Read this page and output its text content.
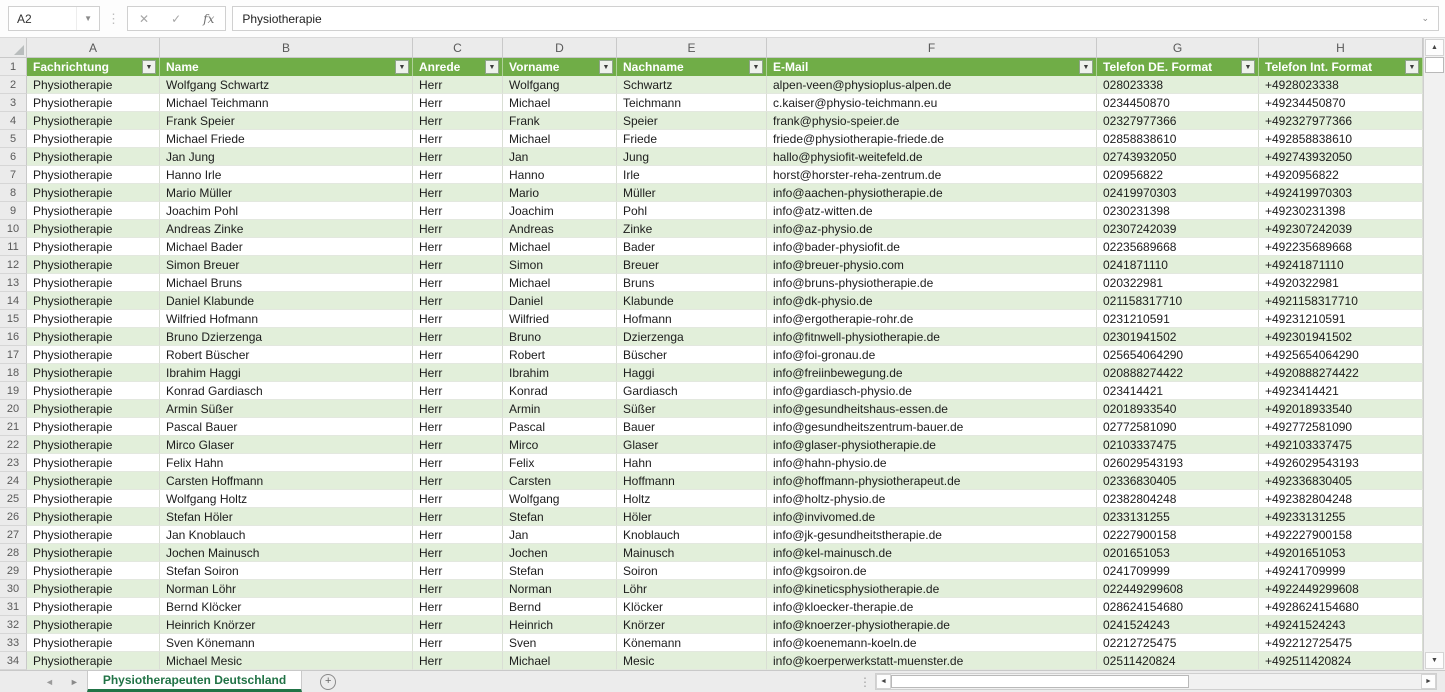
A2	▼	⋮	✕	✓	fx	Physiotherapie	⌄
A	B	C	D	E	F	G	H
1	Fachrichtung	▼ Name	▼ Anrede	▼ Vorname	▼ Nachname	▼ E-Mail	▼ Telefon DE. Format	▼ Telefon Int. Format	▼
2	Physiotherapie	Wolfgang Schwartz	Herr	Wolfgang	Schwartz	alpen-veen@physioplus-alpen.de	028023338	+4928023338
3	Physiotherapie	Michael Teichmann	Herr	Michael	Teichmann	c.kaiser@physio-teichmann.eu	0234450870	+49234450870
4	Physiotherapie	Frank Speier	Herr	Frank	Speier	frank@physio-speier.de	02327977366	+492327977366
5	Physiotherapie	Michael Friede	Herr	Michael	Friede	friede@physiotherapie-friede.de	02858838610	+492858838610
6	Physiotherapie	Jan Jung	Herr	Jan	Jung	hallo@physiofit-weitefeld.de	02743932050	+492743932050
7	Physiotherapie	Hanno Irle	Herr	Hanno	Irle	horst@horster-reha-zentrum.de	020956822	+4920956822
8	Physiotherapie	Mario Müller	Herr	Mario	Müller	info@aachen-physiotherapie.de	02419970303	+492419970303
9	Physiotherapie	Joachim Pohl	Herr	Joachim	Pohl	info@atz-witten.de	0230231398	+49230231398
10	Physiotherapie	Andreas Zinke	Herr	Andreas	Zinke	info@az-physio.de	02307242039	+492307242039
11	Physiotherapie	Michael Bader	Herr	Michael	Bader	info@bader-physiofit.de	02235689668	+492235689668
12	Physiotherapie	Simon Breuer	Herr	Simon	Breuer	info@breuer-physio.com	0241871110	+49241871110
13	Physiotherapie	Michael Bruns	Herr	Michael	Bruns	info@bruns-physiotherapie.de	020322981	+4920322981
14	Physiotherapie	Daniel Klabunde	Herr	Daniel	Klabunde	info@dk-physio.de	021158317710	+4921158317710
15	Physiotherapie	Wilfried Hofmann	Herr	Wilfried	Hofmann	info@ergotherapie-rohr.de	0231210591	+49231210591
16	Physiotherapie	Bruno Dzierzenga	Herr	Bruno	Dzierzenga	info@fitnwell-physiotherapie.de	02301941502	+492301941502
17	Physiotherapie	Robert Büscher	Herr	Robert	Büscher	info@foi-gronau.de	025654064290	+4925654064290
18	Physiotherapie	Ibrahim Haggi	Herr	Ibrahim	Haggi	info@freiinbewegung.de	020888274422	+4920888274422
19	Physiotherapie	Konrad Gardiasch	Herr	Konrad	Gardiasch	info@gardiasch-physio.de	023414421	+4923414421
20	Physiotherapie	Armin Süßer	Herr	Armin	Süßer	info@gesundheitshaus-essen.de	02018933540	+492018933540
21	Physiotherapie	Pascal Bauer	Herr	Pascal	Bauer	info@gesundheitszentrum-bauer.de	02772581090	+492772581090
22	Physiotherapie	Mirco Glaser	Herr	Mirco	Glaser	info@glaser-physiotherapie.de	02103337475	+492103337475
23	Physiotherapie	Felix Hahn	Herr	Felix	Hahn	info@hahn-physio.de	026029543193	+4926029543193
24	Physiotherapie	Carsten Hoffmann	Herr	Carsten	Hoffmann	info@hoffmann-physiotherapeut.de	02336830405	+492336830405
25	Physiotherapie	Wolfgang Holtz	Herr	Wolfgang	Holtz	info@holtz-physio.de	02382804248	+492382804248
26	Physiotherapie	Stefan Höler	Herr	Stefan	Höler	info@invivomed.de	0233131255	+49233131255
27	Physiotherapie	Jan Knoblauch	Herr	Jan	Knoblauch	info@jk-gesundheitstherapie.de	02227900158	+492227900158
28	Physiotherapie	Jochen Mainusch	Herr	Jochen	Mainusch	info@kel-mainusch.de	0201651053	+49201651053
29	Physiotherapie	Stefan Soiron	Herr	Stefan	Soiron	info@kgsoiron.de	0241709999	+49241709999
30	Physiotherapie	Norman Löhr	Herr	Norman	Löhr	info@kineticsphysiotherapie.de	022449299608	+4922449299608
31	Physiotherapie	Bernd Klöcker	Herr	Bernd	Klöcker	info@kloecker-therapie.de	028624154680	+4928624154680
32	Physiotherapie	Heinrich Knörzer	Herr	Heinrich	Knörzer	info@knoerzer-physiotherapie.de	0241524243	+49241524243
33	Physiotherapie	Sven Könemann	Herr	Sven	Könemann	info@koenemann-koeln.de	02212725475	+492212725475
34	Physiotherapie	Michael Mesic	Herr	Michael	Mesic	info@koerperwerkstatt-muenster.de	02511420824	+492511420824
▲
▼
◄ ► Physiotherapeuten Deutschland	+	⋮	◄	►
